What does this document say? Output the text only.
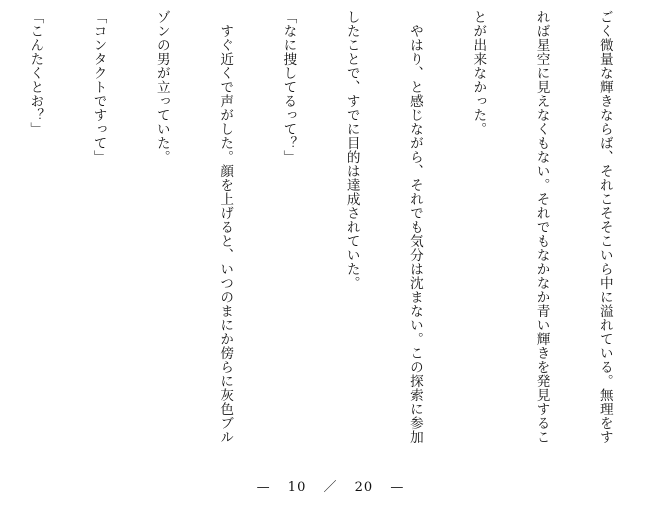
ごく微量な輝きならば、それこそそこいら中に溢れている。無理をす

れば星空に見えなくもない。それでもなかなか青い輝きを発見するこ

とが出来なかった。

　やはり、と感じながら、それでも気分は沈まない。この探索に参加

したことで、すでに目的は達成されていた。

「なに捜してるって？」

　すぐ近くで声がした。顔を上げると、いつのまにか傍らに灰色ブル

ゾンの男が立っていた。

「コンタクトですって」

「こんたくとお？」

— 10 ／ 20 —
